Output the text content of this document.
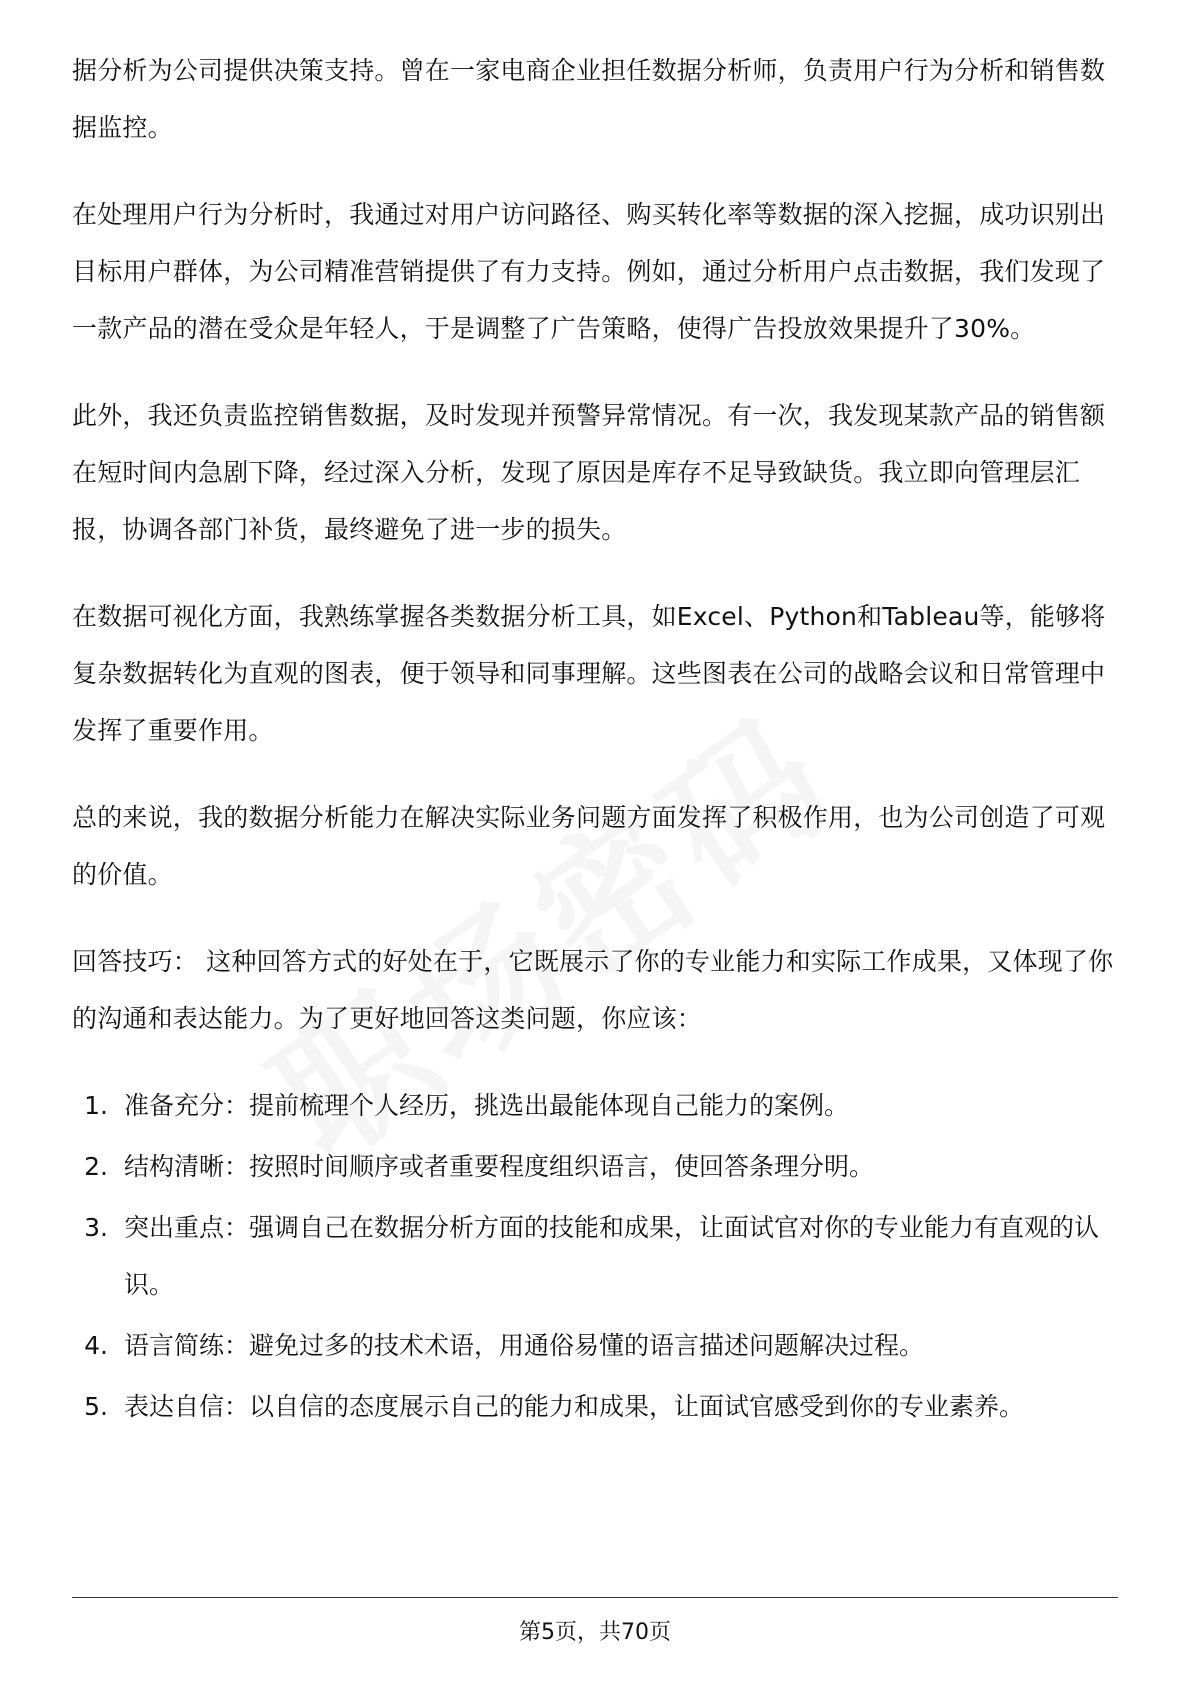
据分析为公司提供决策支持。曾在一家电商企业担任数据分析师，负责用户行为分析和销售数据监控。

在处理用户行为分析时，我通过对用户访问路径、购买转化率等数据的深入挖掘，成功识别出目标用户群体，为公司精准营销提供了有力支持。例如，通过分析用户点击数据，我们发现了一款产品的潜在受众是年轻人，于是调整了广告策略，使得广告投放效果提升了30%。

此外，我还负责监控销售数据，及时发现并预警异常情况。有一次，我发现某款产品的销售额在短时间内急剧下降，经过深入分析，发现了原因是库存不足导致缺货。我立即向管理层汇报，协调各部门补货，最终避免了进一步的损失。

在数据可视化方面，我熟练掌握各类数据分析工具，如Excel、Python和Tableau等，能够将复杂数据转化为直观的图表，便于领导和同事理解。这些图表在公司的战略会议和日常管理中发挥了重要作用。

总的来说，我的数据分析能力在解决实际业务问题方面发挥了积极作用，也为公司创造了可观的价值。

回答技巧： 这种回答方式的好处在于，它既展示了你的专业能力和实际工作成果，又体现了你的沟通和表达能力。为了更好地回答这类问题，你应该：

1. 准备充分：提前梳理个人经历，挑选出最能体现自己能力的案例。
2. 结构清晰：按照时间顺序或者重要程度组织语言，使回答条理分明。
3. 突出重点：强调自己在数据分析方面的技能和成果，让面试官对你的专业能力有直观的认识。
4. 语言简练：避免过多的技术术语，用通俗易懂的语言描述问题解决过程。
5. 表达自信：以自信的态度展示自己的能力和成果，让面试官感受到你的专业素养。
第5页，共70页
